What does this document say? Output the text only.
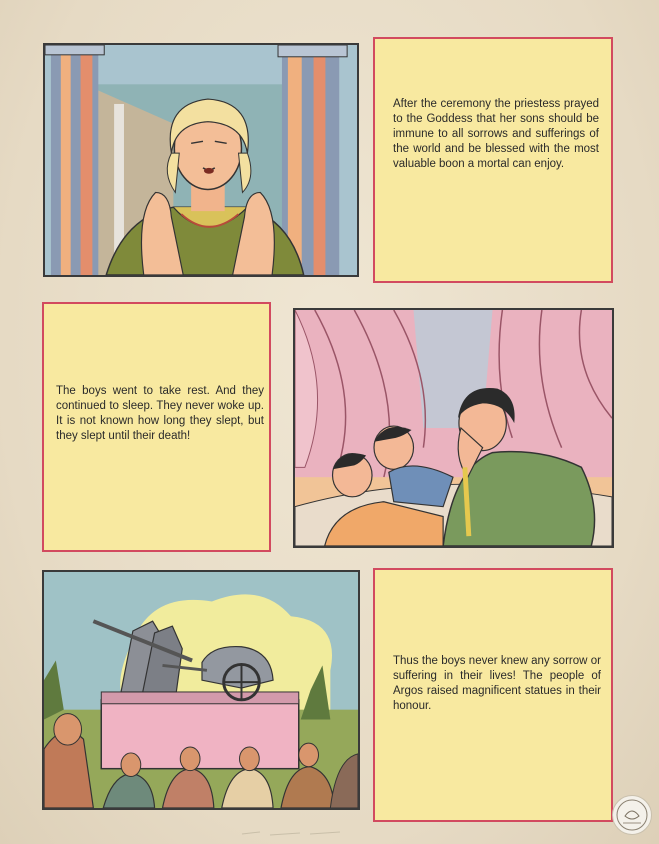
After the ceremony the priestess prayed to the Goddess that her sons should be immune to all sorrows and sufferings of the world and be blessed with the most valuable boon a mortal can enjoy.

The boys went to take rest. And they continued to sleep. They never woke up. It is not known how long they slept, but they slept until their death!

Thus the boys never knew any sorrow or suffering in their lives! The people of Argos raised magnificent statues in their honour.
